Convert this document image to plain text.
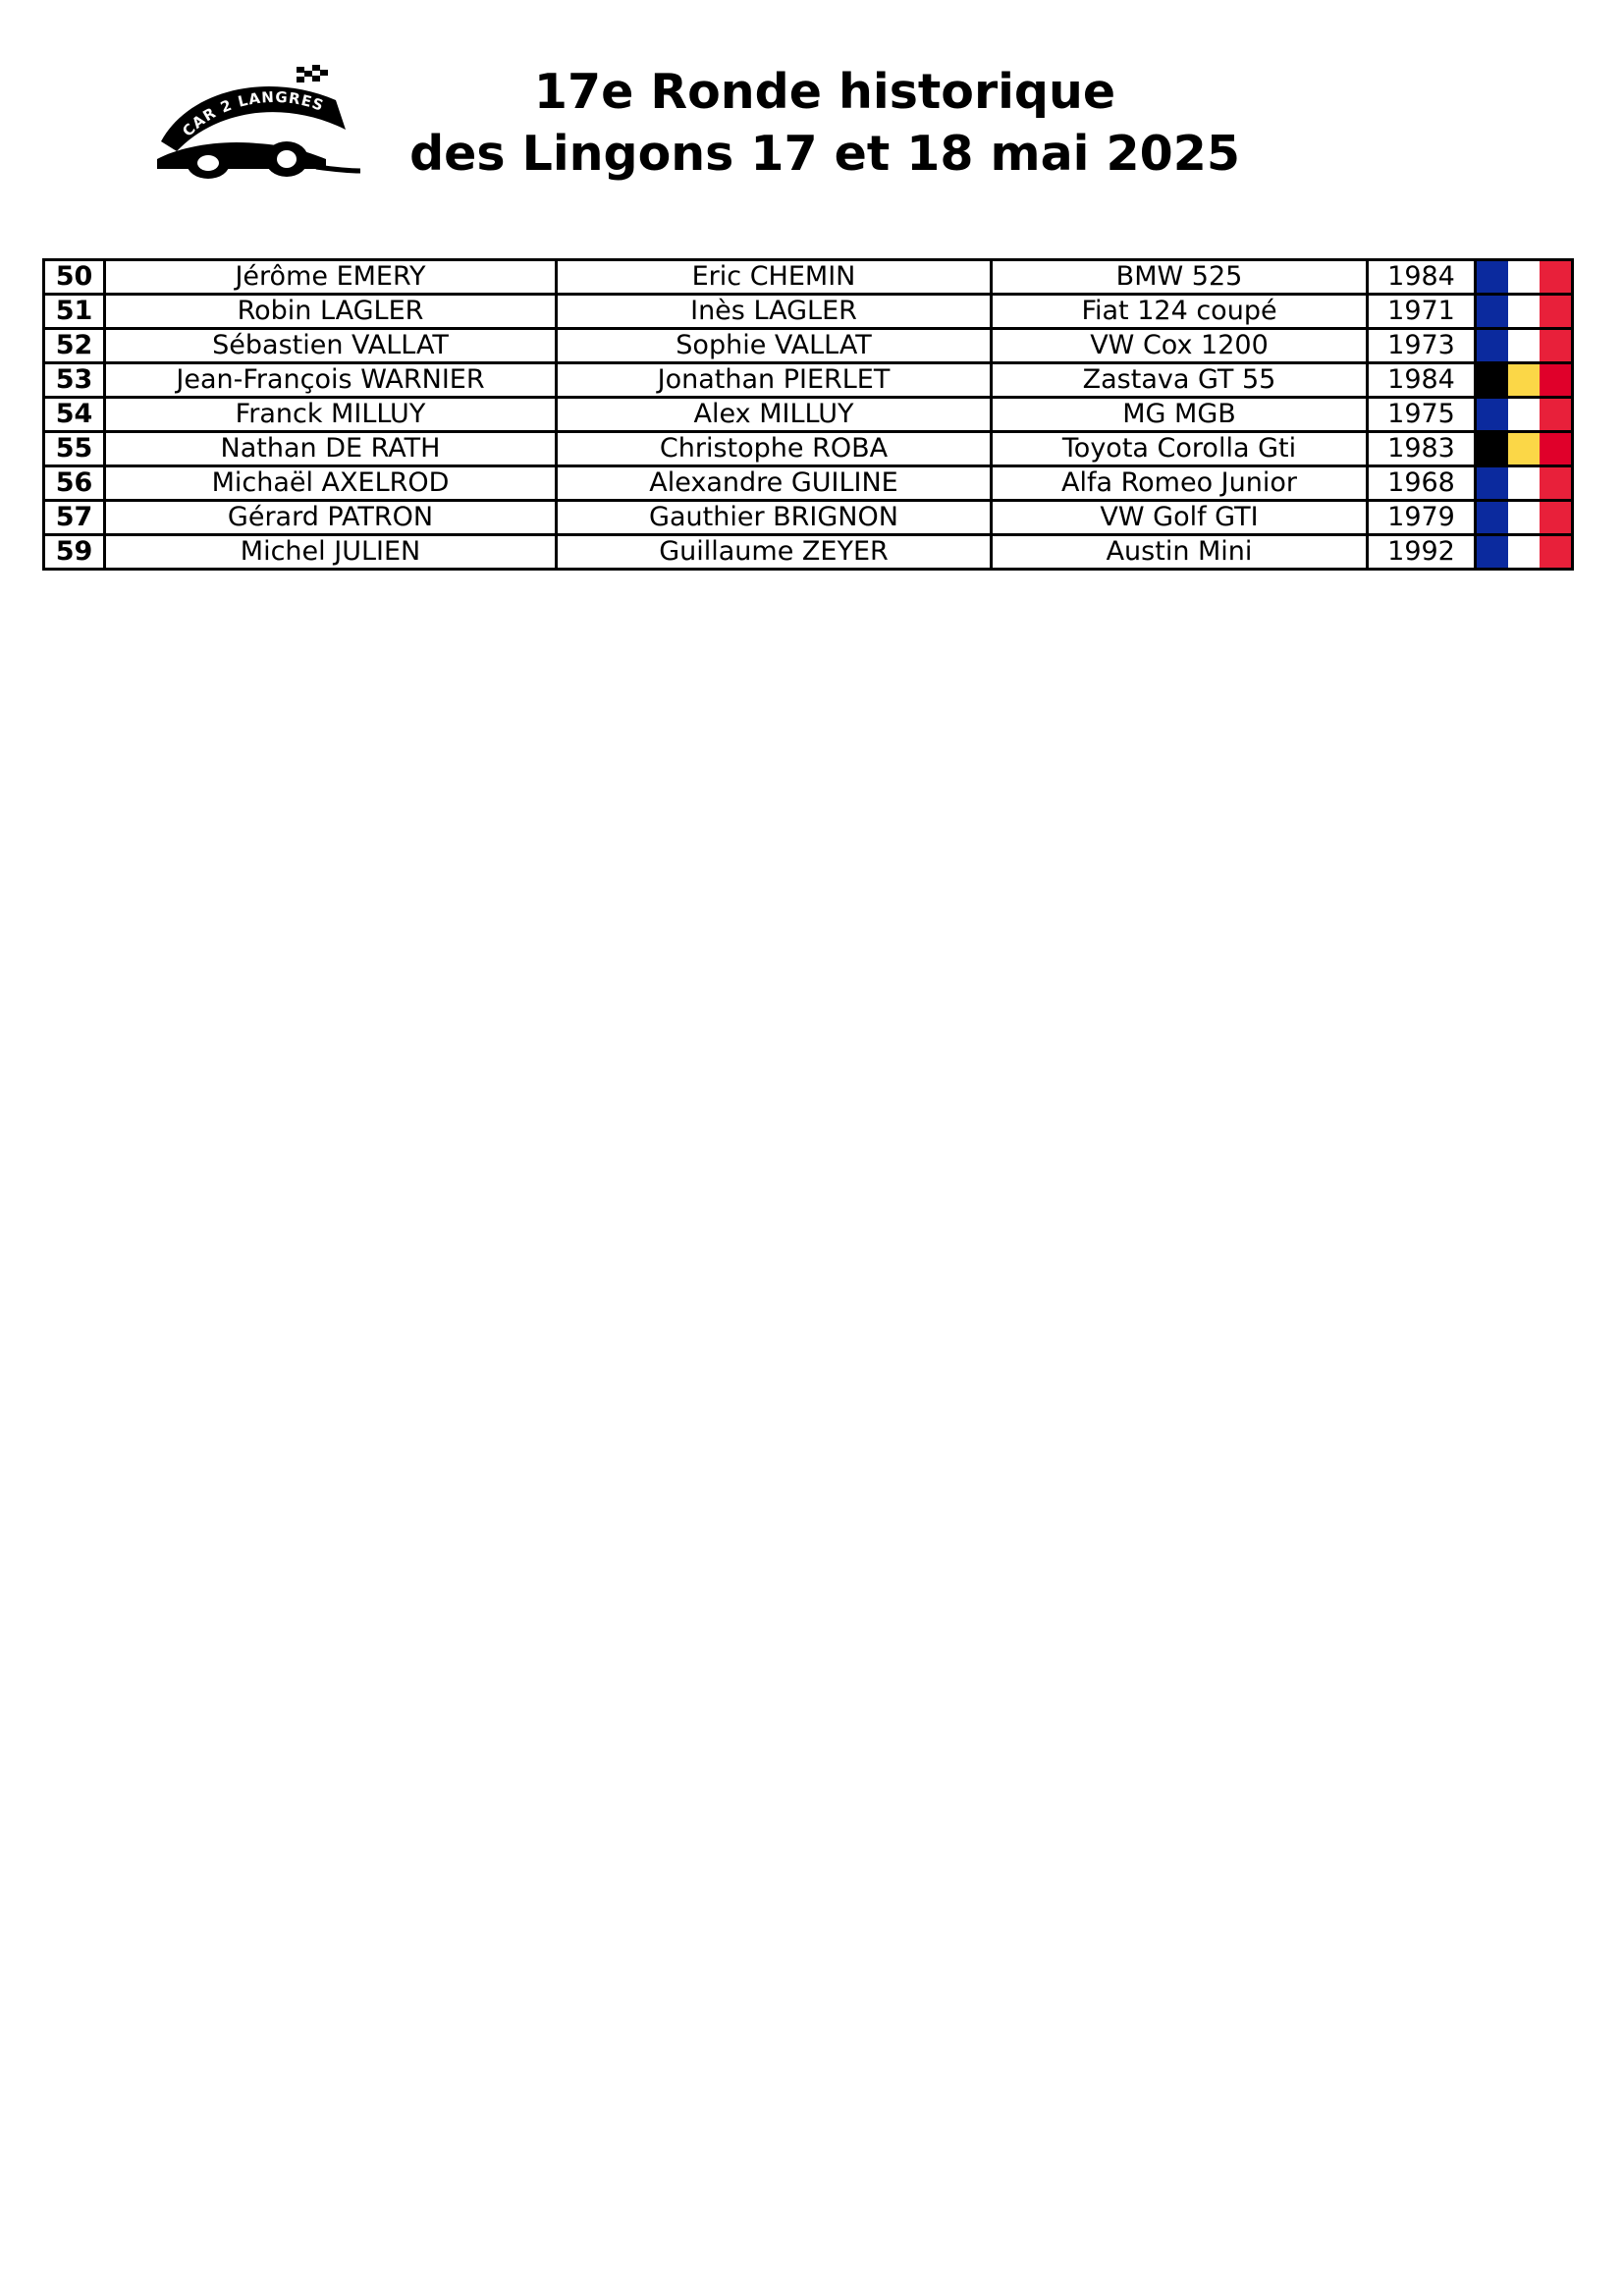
CAR 2 LANGRES	17e Ronde historique
des Lingons 17 et 18 mai 2025
50	Jérôme EMERY	Eric CHEMIN	BMW 525	1984	

51	Robin LAGLER	Inès LAGLER	Fiat 124 coupé	1971	

52	Sébastien VALLAT	Sophie VALLAT	VW Cox 1200	1973	

53	Jean-François WARNIER	Jonathan PIERLET	Zastava GT 55	1984	

54	Franck MILLUY	Alex MILLUY	MG MGB	1975	

55	Nathan DE RATH	Christophe ROBA	Toyota Corolla Gti	1983	

56	Michaël AXELROD	Alexandre GUILINE	Alfa Romeo Junior	1968	

57	Gérard PATRON	Gauthier BRIGNON	VW Golf GTI	1979	

59	Michel JULIEN	Guillaume ZEYER	Austin Mini	1992	
